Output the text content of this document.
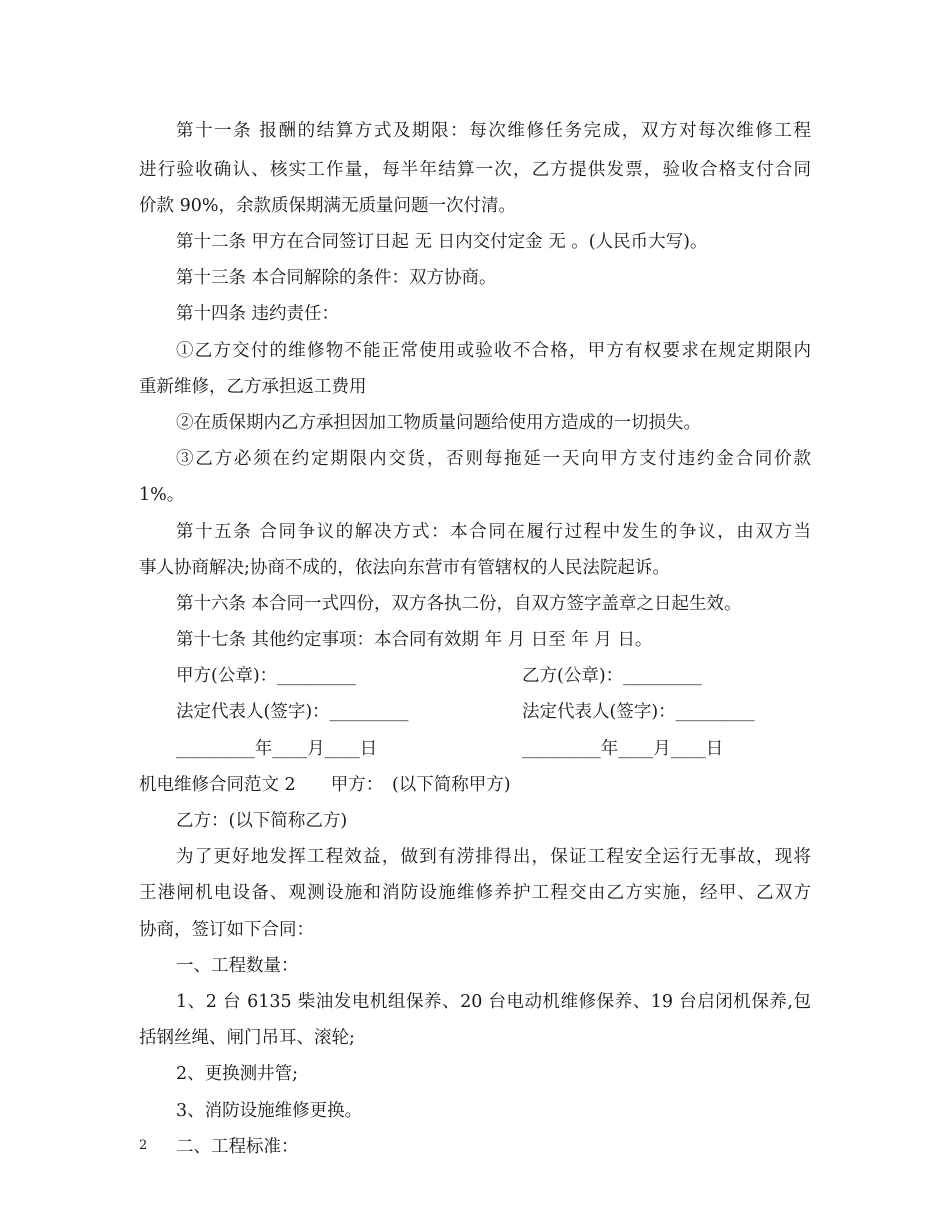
第十一条 报酬的结算方式及期限：每次维修任务完成，双方对每次维修工程
进行验收确认、核实工作量，每半年结算一次，乙方提供发票，验收合格支付合同
价款 90%，余款质保期满无质量问题一次付清。
第十二条 甲方在合同签订日起 无 日内交付定金 无 。(人民币大写)。
第十三条 本合同解除的条件：双方协商。
第十四条 违约责任：
①乙方交付的维修物不能正常使用或验收不合格，甲方有权要求在规定期限内
重新维修，乙方承担返工费用
②在质保期内乙方承担因加工物质量问题给使用方造成的一切损失。
③乙方必须在约定期限内交货，否则每拖延一天向甲方支付违约金合同价款
1%。
第十五条 合同争议的解决方式：本合同在履行过程中发生的争议，由双方当
事人协商解决;协商不成的，依法向东营市有管辖权的人民法院起诉。
第十六条 本合同一式四份，双方各执二份，自双方签字盖章之日起生效。
第十七条 其他约定事项：本合同有效期 年 月 日至 年 月 日。
甲方(公章)：_________	乙方(公章)：_________
法定代表人(签字)：_________	法定代表人(签字)：_________
_________年____月____日	_________年____月____日
机电维修合同范文 2　　甲方：　(以下简称甲方)
乙方：(以下简称乙方)
为了更好地发挥工程效益，做到有涝排得出，保证工程安全运行无事故，现将
王港闸机电设备、观测设施和消防设施维修养护工程交由乙方实施，经甲、乙双方
协商，签订如下合同：
一、工程数量：
1、2 台 6135 柴油发电机组保养、20 台电动机维修保养、19 台启闭机保养,包
括钢丝绳、闸门吊耳、滚轮;
2、更换测井管;
3、消防设施维修更换。
二、工程标准：
2
